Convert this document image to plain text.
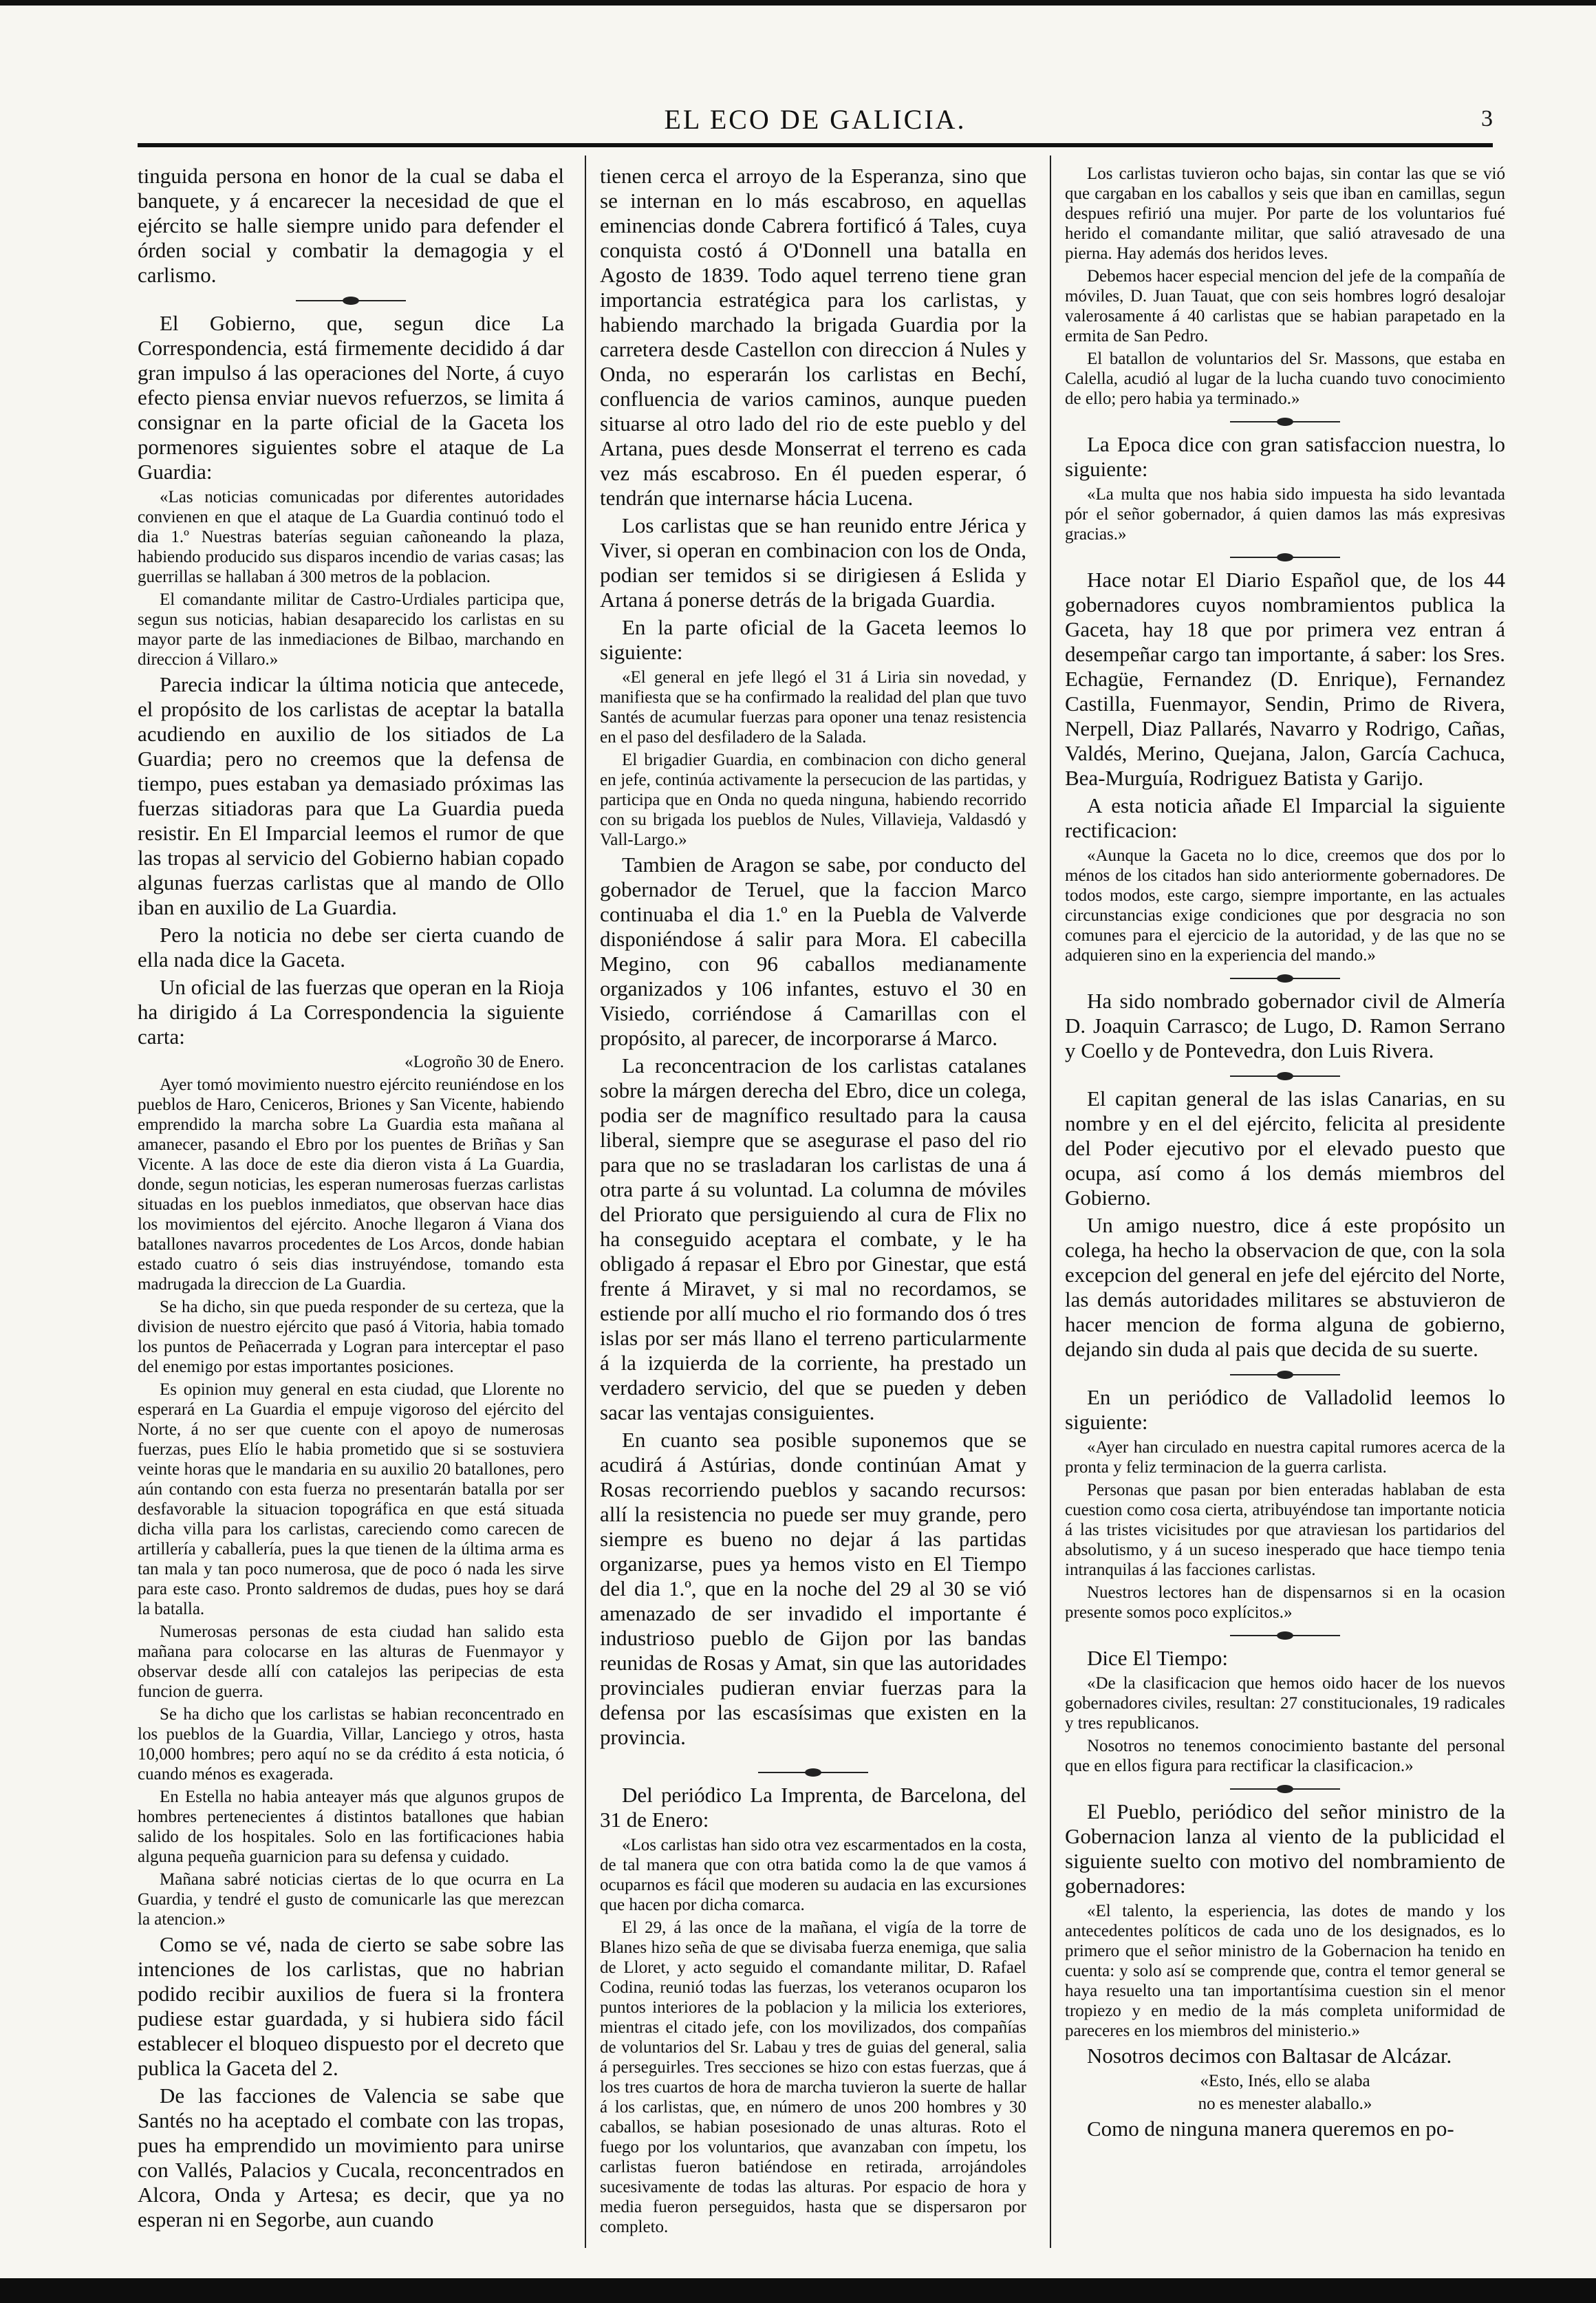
EL ECO DE GALICIA.	3

tinguida persona en honor de la cual se daba el banquete, y á encarecer la necesidad de que el ejército se halle siempre unido para defender el órden social y combatir la demagogia y el carlismo.

El Gobierno, que, segun dice La Correspondencia, está firmemente decidido á dar gran impulso á las operaciones del Norte, á cuyo efecto piensa enviar nuevos refuerzos, se limita á consignar en la parte oficial de la Gaceta los pormenores siguientes sobre el ataque de La Guardia:

«Las noticias comunicadas por diferentes autoridades convienen en que el ataque de La Guardia continuó todo el dia 1.º Nuestras baterías seguian cañoneando la plaza, habiendo producido sus disparos incendio de varias casas; las guerrillas se hallaban á 300 metros de la poblacion.

El comandante militar de Castro-Urdiales participa que, segun sus noticias, habian desaparecido los carlistas en su mayor parte de las inmediaciones de Bilbao, marchando en direccion á Villaro.»

Parecia indicar la última noticia que antecede, el propósito de los carlistas de aceptar la batalla acudiendo en auxilio de los sitiados de La Guardia; pero no creemos que la defensa de tiempo, pues estaban ya demasiado próximas las fuerzas sitiadoras para que La Guardia pueda resistir. En El Imparcial leemos el rumor de que las tropas al servicio del Gobierno habian copado algunas fuerzas carlistas que al mando de Ollo iban en auxilio de La Guardia.

Pero la noticia no debe ser cierta cuando de ella nada dice la Gaceta.

Un oficial de las fuerzas que operan en la Rioja ha dirigido á La Correspondencia la siguiente carta:

«Logroño 30 de Enero.

Ayer tomó movimiento nuestro ejército reuniéndose en los pueblos de Haro, Ceniceros, Briones y San Vicente, habiendo emprendido la marcha sobre La Guardia esta mañana al amanecer, pasando el Ebro por los puentes de Briñas y San Vicente. A las doce de este dia dieron vista á La Guardia, donde, segun noticias, les esperan numerosas fuerzas carlistas situadas en los pueblos inmediatos, que observan hace dias los movimientos del ejército. Anoche llegaron á Viana dos batallones navarros procedentes de Los Arcos, donde habian estado cuatro ó seis dias instruyéndose, tomando esta madrugada la direccion de La Guardia.

Se ha dicho, sin que pueda responder de su certeza, que la division de nuestro ejército que pasó á Vitoria, habia tomado los puntos de Peñacerrada y Logran para interceptar el paso del enemigo por estas importantes posiciones.

Es opinion muy general en esta ciudad, que Llorente no esperará en La Guardia el empuje vigoroso del ejército del Norte, á no ser que cuente con el apoyo de numerosas fuerzas, pues Elío le habia prometido que si se sostuviera veinte horas que le mandaria en su auxilio 20 batallones, pero aún contando con esta fuerza no presentarán batalla por ser desfavorable la situacion topográfica en que está situada dicha villa para los carlistas, careciendo como carecen de artillería y caballería, pues la que tienen de la última arma es tan mala y tan poco numerosa, que de poco ó nada les sirve para este caso. Pronto saldremos de dudas, pues hoy se dará la batalla.

Numerosas personas de esta ciudad han salido esta mañana para colocarse en las alturas de Fuenmayor y observar desde allí con catalejos las peripecias de esta funcion de guerra.

Se ha dicho que los carlistas se habian reconcentrado en los pueblos de la Guardia, Villar, Lanciego y otros, hasta 10,000 hombres; pero aquí no se da crédito á esta noticia, ó cuando ménos es exagerada.

En Estella no habia anteayer más que algunos grupos de hombres pertenecientes á distintos batallones que habian salido de los hospitales. Solo en las fortificaciones habia alguna pequeña guarnicion para su defensa y cuidado.

Mañana sabré noticias ciertas de lo que ocurra en La Guardia, y tendré el gusto de comunicarle las que merezcan la atencion.»

Como se vé, nada de cierto se sabe sobre las intenciones de los carlistas, que no habrian podido recibir auxilios de fuera si la frontera pudiese estar guardada, y si hubiera sido fácil establecer el bloqueo dispuesto por el decreto que publica la Gaceta del 2.

De las facciones de Valencia se sabe que Santés no ha aceptado el combate con las tropas, pues ha emprendido un movimiento para unirse con Vallés, Palacios y Cucala, reconcentrados en Alcora, Onda y Artesa; es decir, que ya no esperan ni en Segorbe, aun cuando

tienen cerca el arroyo de la Esperanza, sino que se internan en lo más escabroso, en aquellas eminencias donde Cabrera fortificó á Tales, cuya conquista costó á O'Donnell una batalla en Agosto de 1839. Todo aquel terreno tiene gran importancia estratégica para los carlistas, y habiendo marchado la brigada Guardia por la carretera desde Castellon con direccion á Nules y Onda, no esperarán los carlistas en Bechí, confluencia de varios caminos, aunque pueden situarse al otro lado del rio de este pueblo y del Artana, pues desde Monserrat el terreno es cada vez más escabroso. En él pueden esperar, ó tendrán que internarse hácia Lucena.

Los carlistas que se han reunido entre Jérica y Viver, si operan en combinacion con los de Onda, podian ser temidos si se dirigiesen á Eslida y Artana á ponerse detrás de la brigada Guardia.

En la parte oficial de la Gaceta leemos lo siguiente:

«El general en jefe llegó el 31 á Liria sin novedad, y manifiesta que se ha confirmado la realidad del plan que tuvo Santés de acumular fuerzas para oponer una tenaz resistencia en el paso del desfiladero de la Salada.

El brigadier Guardia, en combinacion con dicho general en jefe, continúa activamente la persecucion de las partidas, y participa que en Onda no queda ninguna, habiendo recorrido con su brigada los pueblos de Nules, Villavieja, Valdasdó y Vall-Largo.»

Tambien de Aragon se sabe, por conducto del gobernador de Teruel, que la faccion Marco continuaba el dia 1.º en la Puebla de Valverde disponiéndose á salir para Mora. El cabecilla Megino, con 96 caballos medianamente organizados y 106 infantes, estuvo el 30 en Visiedo, corriéndose á Camarillas con el propósito, al parecer, de incorporarse á Marco.

La reconcentracion de los carlistas catalanes sobre la márgen derecha del Ebro, dice un colega, podia ser de magnífico resultado para la causa liberal, siempre que se asegurase el paso del rio para que no se trasladaran los carlistas de una á otra parte á su voluntad. La columna de móviles del Priorato que persiguiendo al cura de Flix no ha conseguido aceptara el combate, y le ha obligado á repasar el Ebro por Ginestar, que está frente á Miravet, y si mal no recordamos, se estiende por allí mucho el rio formando dos ó tres islas por ser más llano el terreno particularmente á la izquierda de la corriente, ha prestado un verdadero servicio, del que se pueden y deben sacar las ventajas consiguientes.

En cuanto sea posible suponemos que se acudirá á Astúrias, donde continúan Amat y Rosas recorriendo pueblos y sacando recursos: allí la resistencia no puede ser muy grande, pero siempre es bueno no dejar á las partidas organizarse, pues ya hemos visto en El Tiempo del dia 1.º, que en la noche del 29 al 30 se vió amenazado de ser invadido el importante é industrioso pueblo de Gijon por las bandas reunidas de Rosas y Amat, sin que las autoridades provinciales pudieran enviar fuerzas para la defensa por las escasísimas que existen en la provincia.

Del periódico La Imprenta, de Barcelona, del 31 de Enero:

«Los carlistas han sido otra vez escarmentados en la costa, de tal manera que con otra batida como la de que vamos á ocuparnos es fácil que moderen su audacia en las excursiones que hacen por dicha comarca.

El 29, á las once de la mañana, el vigía de la torre de Blanes hizo seña de que se divisaba fuerza enemiga, que salia de Lloret, y acto seguido el comandante militar, D. Rafael Codina, reunió todas las fuerzas, los veteranos ocuparon los puntos interiores de la poblacion y la milicia los exteriores, mientras el citado jefe, con los movilizados, dos compañías de voluntarios del Sr. Labau y tres de guias del general, salia á perseguirles. Tres secciones se hizo con estas fuerzas, que á los tres cuartos de hora de marcha tuvieron la suerte de hallar á los carlistas, que, en número de unos 200 hombres y 30 caballos, se habian posesionado de unas alturas. Roto el fuego por los voluntarios, que avanzaban con ímpetu, los carlistas fueron batiéndose en retirada, arrojándoles sucesivamente de todas las alturas. Por espacio de hora y media fueron perseguidos, hasta que se dispersaron por completo.

Los carlistas tuvieron ocho bajas, sin contar las que se vió que cargaban en los caballos y seis que iban en camillas, segun despues refirió una mujer. Por parte de los voluntarios fué herido el comandante militar, que salió atravesado de una pierna. Hay además dos heridos leves.

Debemos hacer especial mencion del jefe de la compañía de móviles, D. Juan Tauat, que con seis hombres logró desalojar valerosamente á 40 carlistas que se habian parapetado en la ermita de San Pedro.

El batallon de voluntarios del Sr. Massons, que estaba en Calella, acudió al lugar de la lucha cuando tuvo conocimiento de ello; pero habia ya terminado.»

La Epoca dice con gran satisfaccion nuestra, lo siguiente:

«La multa que nos habia sido impuesta ha sido levantada pór el señor gobernador, á quien damos las más expresivas gracias.»

Hace notar El Diario Español que, de los 44 gobernadores cuyos nombramientos publica la Gaceta, hay 18 que por primera vez entran á desempeñar cargo tan importante, á saber: los Sres. Echagüe, Fernandez (D. Enrique), Fernandez Castilla, Fuenmayor, Sendin, Primo de Rivera, Nerpell, Diaz Pallarés, Navarro y Rodrigo, Cañas, Valdés, Merino, Quejana, Jalon, García Cachuca, Bea-Murguía, Rodriguez Batista y Garijo.

A esta noticia añade El Imparcial la siguiente rectificacion:

«Aunque la Gaceta no lo dice, creemos que dos por lo ménos de los citados han sido anteriormente gobernadores. De todos modos, este cargo, siempre importante, en las actuales circunstancias exige condiciones que por desgracia no son comunes para el ejercicio de la autoridad, y de las que no se adquieren sino en la experiencia del mando.»

Ha sido nombrado gobernador civil de Almería D. Joaquin Carrasco; de Lugo, D. Ramon Serrano y Coello y de Pontevedra, don Luis Rivera.

El capitan general de las islas Canarias, en su nombre y en el del ejército, felicita al presidente del Poder ejecutivo por el elevado puesto que ocupa, así como á los demás miembros del Gobierno.

Un amigo nuestro, dice á este propósito un colega, ha hecho la observacion de que, con la sola excepcion del general en jefe del ejército del Norte, las demás autoridades militares se abstuvieron de hacer mencion de forma alguna de gobierno, dejando sin duda al pais que decida de su suerte.

En un periódico de Valladolid leemos lo siguiente:

«Ayer han circulado en nuestra capital rumores acerca de la pronta y feliz terminacion de la guerra carlista.

Personas que pasan por bien enteradas hablaban de esta cuestion como cosa cierta, atribuyéndose tan importante noticia á las tristes vicisitudes por que atraviesan los partidarios del absolutismo, y á un suceso inesperado que hace tiempo tenia intranquilas á las facciones carlistas.

Nuestros lectores han de dispensarnos si en la ocasion presente somos poco explícitos.»

Dice El Tiempo:

«De la clasificacion que hemos oido hacer de los nuevos gobernadores civiles, resultan: 27 constitucionales, 19 radicales y tres republicanos.

Nosotros no tenemos conocimiento bastante del personal que en ellos figura para rectificar la clasificacion.»

El Pueblo, periódico del señor ministro de la Gobernacion lanza al viento de la publicidad el siguiente suelto con motivo del nombramiento de gobernadores:

«El talento, la esperiencia, las dotes de mando y los antecedentes políticos de cada uno de los designados, es lo primero que el señor ministro de la Gobernacion ha tenido en cuenta: y solo así se comprende que, contra el temor general se haya resuelto una tan importantísima cuestion sin el menor tropiezo y en medio de la más completa uniformidad de pareceres en los miembros del ministerio.»

Nosotros decimos con Baltasar de Alcázar.

«Esto, Inés, ello se alaba

no es menester alaballo.»

Como de ninguna manera queremos en po-
